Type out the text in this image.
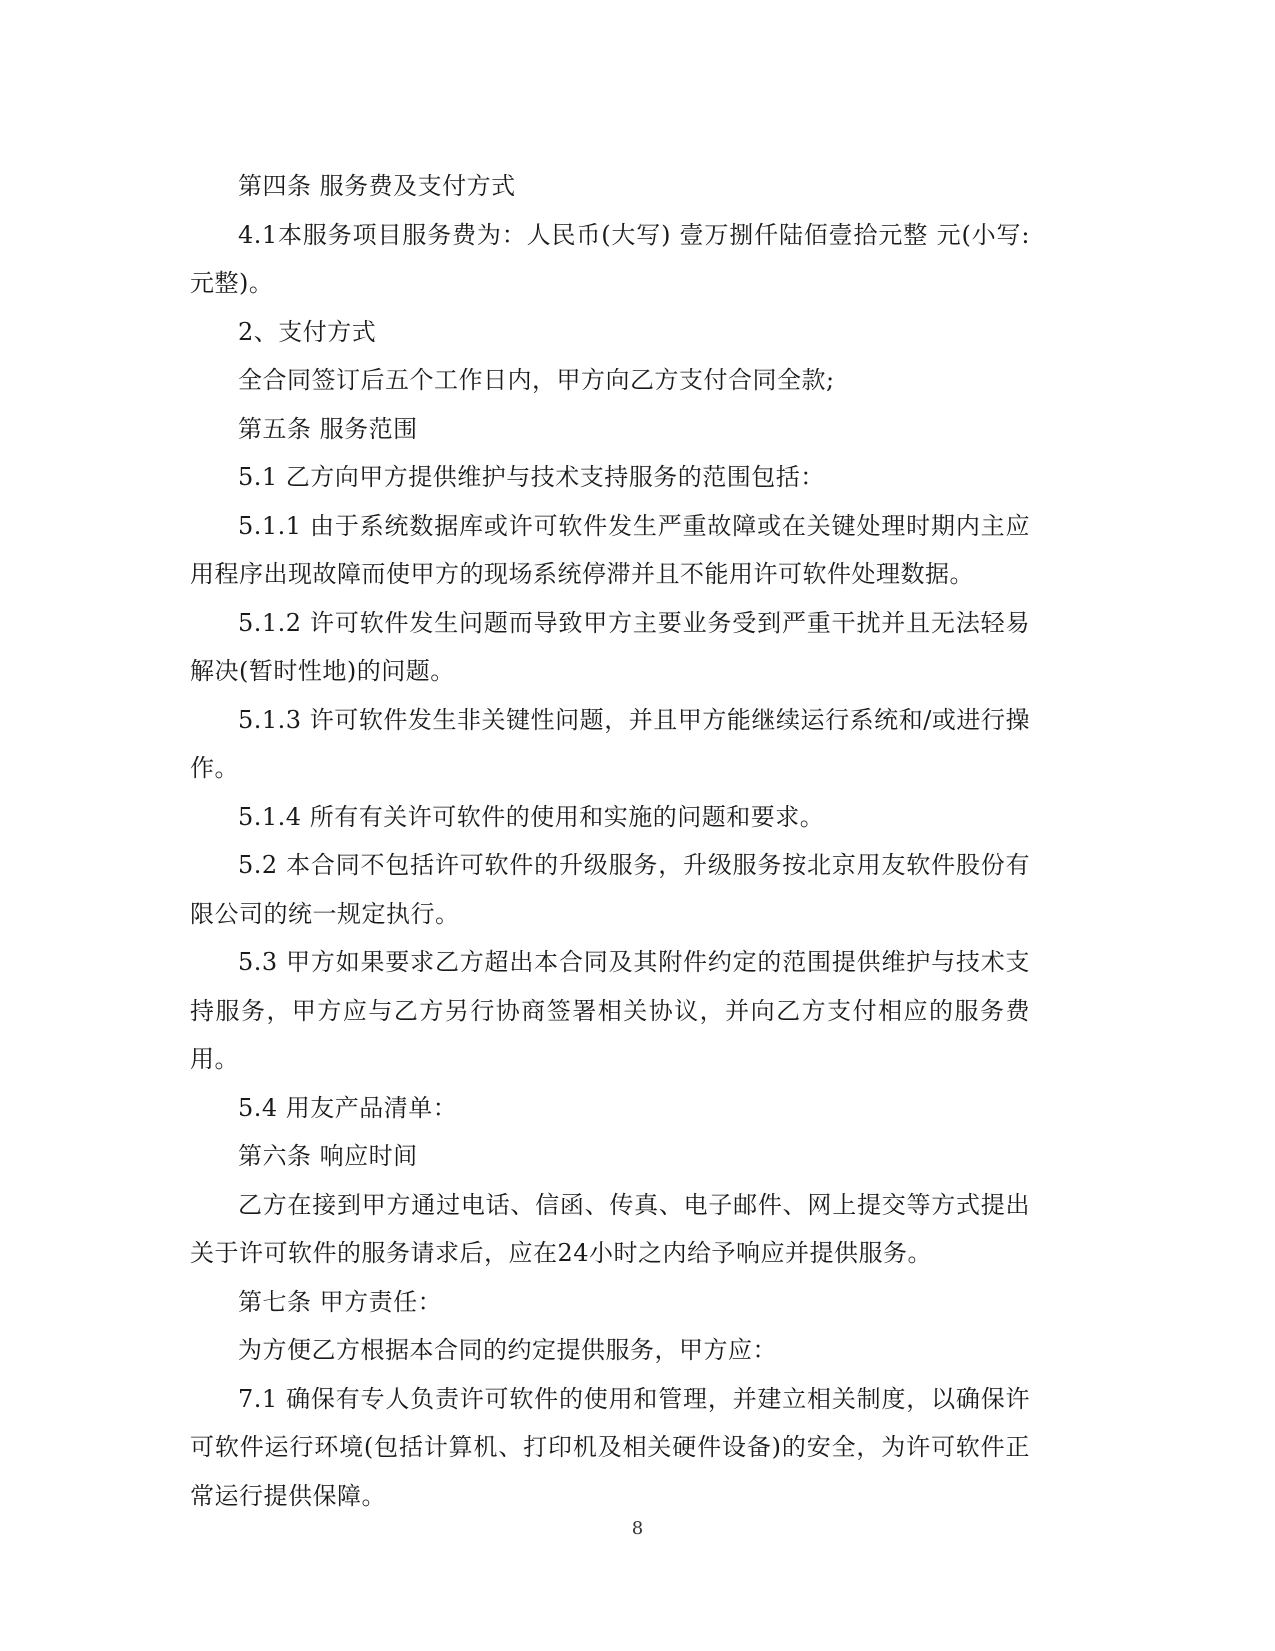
第四条 服务费及支付方式

4.1本服务项目服务费为：人民币(大写) 壹万捌仟陆佰壹拾元整 元(小写: 元整)。

2、支付方式

全合同签订后五个工作日内，甲方向乙方支付合同全款;

第五条 服务范围

5.1 乙方向甲方提供维护与技术支持服务的范围包括：

5.1.1 由于系统数据库或许可软件发生严重故障或在关键处理时期内主应用程序出现故障而使甲方的现场系统停滞并且不能用许可软件处理数据。

5.1.2 许可软件发生问题而导致甲方主要业务受到严重干扰并且无法轻易解决(暂时性地)的问题。

5.1.3 许可软件发生非关键性问题，并且甲方能继续运行系统和/或进行操作。

5.1.4 所有有关许可软件的使用和实施的问题和要求。

5.2 本合同不包括许可软件的升级服务，升级服务按北京用友软件股份有限公司的统一规定执行。

5.3 甲方如果要求乙方超出本合同及其附件约定的范围提供维护与技术支持服务，甲方应与乙方另行协商签署相关协议，并向乙方支付相应的服务费用。

5.4 用友产品清单：

第六条 响应时间

乙方在接到甲方通过电话、信函、传真、电子邮件、网上提交等方式提出关于许可软件的服务请求后，应在24小时之内给予响应并提供服务。

第七条 甲方责任：

为方便乙方根据本合同的约定提供服务，甲方应：

7.1 确保有专人负责许可软件的使用和管理，并建立相关制度，以确保许可软件运行环境(包括计算机、打印机及相关硬件设备)的安全，为许可软件正常运行提供保障。

8
